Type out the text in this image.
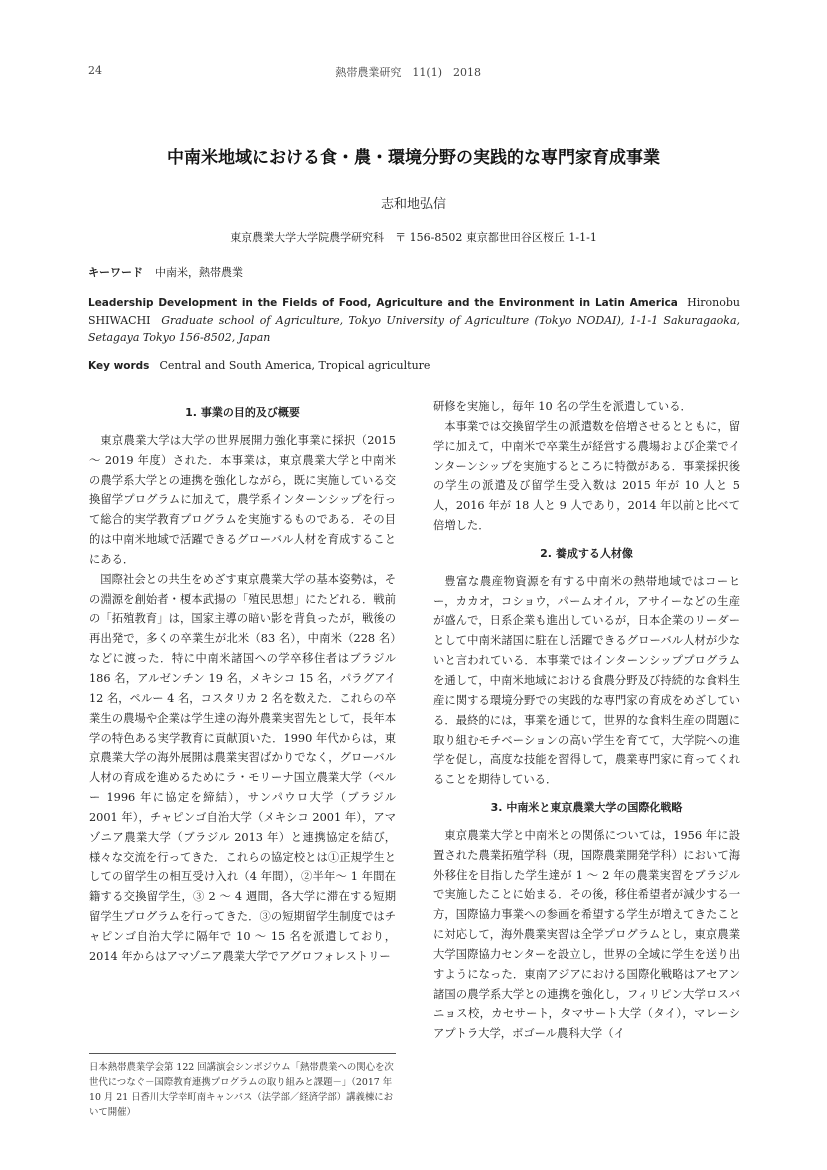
24	熱帯農業研究　11(1)　2018
中南米地域における食・農・環境分野の実践的な専門家育成事業
志和地弘信
東京農業大学大学院農学研究科　〒 156-8502 東京都世田谷区桜丘 1-1-1
キーワード 中南米，熱帯農業
Leadership Development in the Fields of Food, Agriculture and the Environment in Latin America Hironobu SHIWACHI Graduate school of Agriculture, Tokyo University of Agriculture (Tokyo NODAI), 1-1-1 Sakuragaoka, Setagaya Tokyo 156-8502, Japan
Key words Central and South America, Tropical agriculture
1. 事業の目的及び概要

東京農業大学は大学の世界展開力強化事業に採択（2015 ～ 2019 年度）された．本事業は，東京農業大学と中南米の農学系大学との連携を強化しながら，既に実施している交換留学プログラムに加えて，農学系インターンシップを行って総合的実学教育プログラムを実施するものである．その目的は中南米地域で活躍できるグローバル人材を育成することにある．

国際社会との共生をめざす東京農業大学の基本姿勢は，その淵源を創始者・榎本武揚の「殖民思想」にたどれる．戦前の「拓殖教育」は，国家主導の暗い影を背負ったが，戦後の再出発で，多くの卒業生が北米（83 名），中南米（228 名）などに渡った．特に中南米諸国への学卒移住者はブラジル 186 名，アルゼンチン 19 名，メキシコ 15 名，パラグアイ 12 名，ペルー 4 名，コスタリカ 2 名を数えた．これらの卒業生の農場や企業は学生達の海外農業実習先として，長年本学の特色ある実学教育に貢献頂いた．1990 年代からは，東京農業大学の海外展開は農業実習ばかりでなく，グローバル人材の育成を進めるためにラ・モリーナ国立農業大学（ペルー 1996 年に協定を締結），サンパウロ大学（ブラジル 2001 年），チャピンゴ自治大学（メキシコ 2001 年），アマゾニア農業大学（ブラジル 2013 年）と連携協定を結び，様々な交流を行ってきた．これらの協定校とは①正規学生としての留学生の相互受け入れ（4 年間），②半年～ 1 年間在籍する交換留学生，③ 2 ～ 4 週間，各大学に滞在する短期留学生プログラムを行ってきた．③の短期留学生制度ではチャピンゴ自治大学に隔年で 10 ～ 15 名を派遣しており，2014 年からはアマゾニア農業大学でアグロフォレストリー

研修を実施し，毎年 10 名の学生を派遣している．

本事業では交換留学生の派遣数を倍増させるとともに，留学に加えて，中南米で卒業生が経営する農場および企業でインターンシップを実施するところに特徴がある．事業採択後の学生の派遣及び留学生受入数は 2015 年が 10 人と 5 人，2016 年が 18 人と 9 人であり，2014 年以前と比べて倍増した．

2. 養成する人材像

豊富な農産物資源を有する中南米の熱帯地域ではコーヒー，カカオ，コショウ，パームオイル，アサイーなどの生産が盛んで，日系企業も進出しているが，日本企業のリーダーとして中南米諸国に駐在し活躍できるグローバル人材が少ないと言われている．本事業ではインターンシッププログラムを通して，中南米地域における食農分野及び持続的な食料生産に関する環境分野での実践的な専門家の育成をめざしている．最終的には，事業を通じて，世界的な食料生産の問題に取り組むモチベーションの高い学生を育てて，大学院への進学を促し，高度な技能を習得して，農業専門家に育ってくれることを期待している．

3. 中南米と東京農業大学の国際化戦略

東京農業大学と中南米との関係については，1956 年に設置された農業拓殖学科（現，国際農業開発学科）において海外移住を目指した学生達が 1 ～ 2 年の農業実習をブラジルで実施したことに始まる．その後，移住希望者が減少する一方，国際協力事業への参画を希望する学生が増えてきたことに対応して，海外農業実習は全学プログラムとし，東京農業大学国際協力センターを設立し，世界の全域に学生を送り出すようになった．東南アジアにおける国際化戦略はアセアン諸国の農学系大学との連携を強化し，フィリピン大学ロスバニョス校，カセサート，タマサート大学（タイ），マレーシアプトラ大学，ボゴール農科大学（イ

日本熱帯農業学会第 122 回講演会シンポジウム「熱帯農業への関心を次世代につなぐ－国際教育連携プログラムの取り組みと課題－」（2017 年 10 月 21 日香川大学幸町南キャンパス（法学部／経済学部）講義棟において開催）
